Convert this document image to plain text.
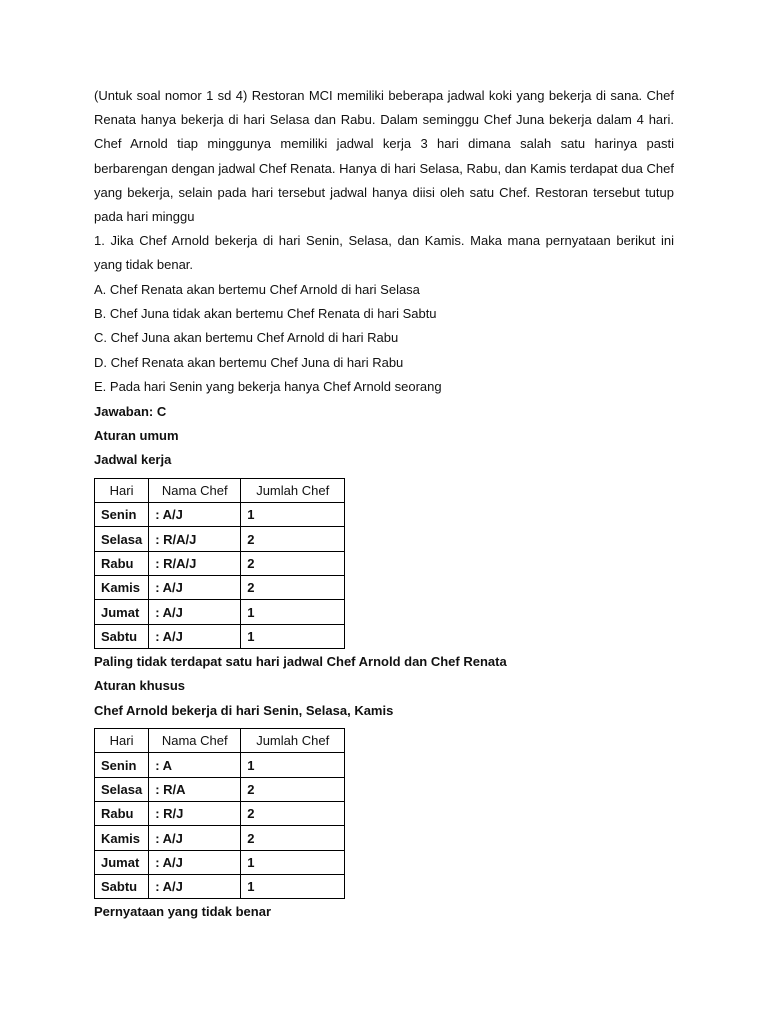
(Untuk soal nomor 1 sd 4) Restoran MCI memiliki beberapa jadwal koki yang bekerja di sana. Chef Renata hanya bekerja di hari Selasa dan Rabu. Dalam seminggu Chef Juna bekerja dalam 4 hari. Chef Arnold tiap minggunya memiliki jadwal kerja 3 hari dimana salah satu harinya pasti berbarengan dengan jadwal Chef Renata. Hanya di hari Selasa, Rabu, dan Kamis terdapat dua Chef yang bekerja, selain pada hari tersebut jadwal hanya diisi oleh satu Chef. Restoran tersebut tutup pada hari minggu

1. Jika Chef Arnold bekerja di hari Senin, Selasa, dan Kamis. Maka mana pernyataan berikut ini yang tidak benar.

A. Chef Renata akan bertemu Chef Arnold di hari Selasa

B. Chef Juna tidak akan bertemu Chef Renata di hari Sabtu

C. Chef Juna akan bertemu Chef Arnold di hari Rabu

D. Chef Renata akan bertemu Chef Juna di hari Rabu

E. Pada hari Senin yang bekerja hanya Chef Arnold seorang

Jawaban: C

Aturan umum

Jadwal kerja

Hari	Nama Chef	Jumlah Chef
Senin	: A/J	1
Selasa	: R/A/J	2
Rabu	: R/A/J	2
Kamis	: A/J	2
Jumat	: A/J	1
Sabtu	: A/J	1

Paling tidak terdapat satu hari jadwal Chef Arnold dan Chef Renata

Aturan khusus

Chef Arnold bekerja di hari Senin, Selasa, Kamis

Hari	Nama Chef	Jumlah Chef
Senin	: A	1
Selasa	: R/A	2
Rabu	: R/J	2
Kamis	: A/J	2
Jumat	: A/J	1
Sabtu	: A/J	1

Pernyataan yang tidak benar
